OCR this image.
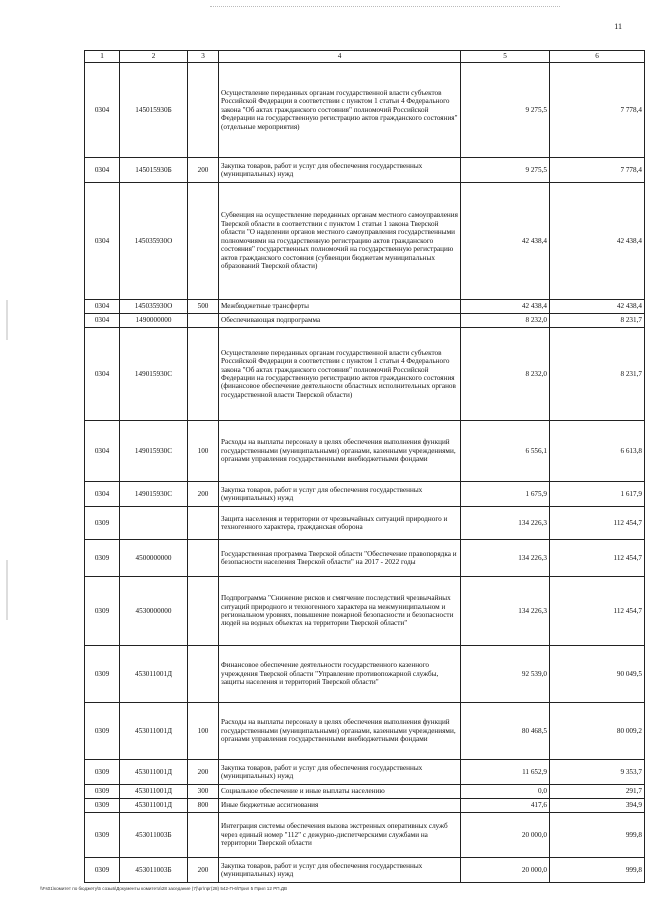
11
1	2	3	4	5	6
0304	145015930Б		Осуществление переданных органам государственной власти субъектов Российской Федерации в соответствии с пунктом 1 статьи 4 Федерального закона "Об актах гражданского состояния" полномочий Российской Федерации на государственную регистрацию актов гражданского состояния" (отдельные мероприятия)	9 275,5	7 778,4
0304	145015930Б	200	Закупка товаров, работ и услуг для обеспечения государственных (муниципальных) нужд	9 275,5	7 778,4
0304	145035930О		Субвенция на осуществление переданных органам местного самоуправления Тверской области в соответствии с пунктом 1 статьи 1 закона Тверской области "О наделении органов местного самоуправления государственными полномочиями на государственную регистрацию актов гражданского состояния" государственных полномочий на государственную регистрацию актов гражданского состояния (субвенции бюджетам муниципальных образований Тверской области)	42 438,4	42 438,4
0304	145035930О	500	Межбюджетные трансферты	42 438,4	42 438,4
0304	1490000000		Обеспечивающая подпрограмма	8 232,0	8 231,7
0304	149015930С		Осуществление переданных органам государственной власти субъектов Российской Федерации в соответствии с пунктом 1 статьи 4 Федерального закона "Об актах гражданского состояния" полномочий Российской Федерации на государственную регистрацию актов гражданского состояния (финансовое обеспечение деятельности областных исполнительных органов государственной власти Тверской области)	8 232,0	8 231,7
0304	149015930С	100	Расходы на выплаты персоналу в целях обеспечения выполнения функций государственными (муниципальными) органами, казенными учреждениями, органами управления государственными внебюджетными фондами	6 556,1	6 613,8
0304	149015930С	200	Закупка товаров, работ и услуг для обеспечения государственных (муниципальных) нужд	1 675,9	1 617,9
0309			Защита населения и территории от чрезвычайных ситуаций природного и техногенного характера, гражданская оборона	134 226,3	112 454,7
0309	4500000000		Государственная программа Тверской области "Обеспечение правопорядка и безопасности населения Тверской области" на 2017 - 2022 годы	134 226,3	112 454,7
0309	4530000000		Подпрограмма "Снижение рисков и смягчение последствий чрезвычайных ситуаций природного и техногенного характера на межмуниципальном и региональном уровнях, повышение пожарной безопасности и безопасности людей на водных объектах на территории Тверской области"	134 226,3	112 454,7
0309	453011001Д		Финансовое обеспечение деятельности государственного казенного учреждения Тверской области "Управление противопожарной службы, защиты населения и территорий Тверской области"	92 539,0	90 049,5
0309	453011001Д	100	Расходы на выплаты персоналу в целях обеспечения выполнения функций государственными (муниципальными) органами, казенными учреждениями, органами управления государственными внебюджетными фондами	80 468,5	80 009,2
0309	453011001Д	200	Закупка товаров, работ и услуг для обеспечения государственных (муниципальных) нужд	11 652,9	9 353,7
0309	453011001Д	300	Социальное обеспечение и иные выплаты населению	0,0	291,7
0309	453011001Д	800	Иные бюджетные ассигнования	417,6	394,9
0309	453011003Б		Интеграция системы обеспечения вызова экстренных оперативных служб через единый номер "112" с дежурно-диспетчерскими службами на территории Тверской области	20 000,0	999,8
0309	453011003Б	200	Закупка товаров, работ и услуг для обеспечения государственных (муниципальных) нужд	20 000,0	999,8
\\Fs01\комитет по бюджету\5 созыв\Документы комитета\28 заседание (7)\рг\прг(28) 542-П-6\Прил 5 Прил 12 РП.ДВ
